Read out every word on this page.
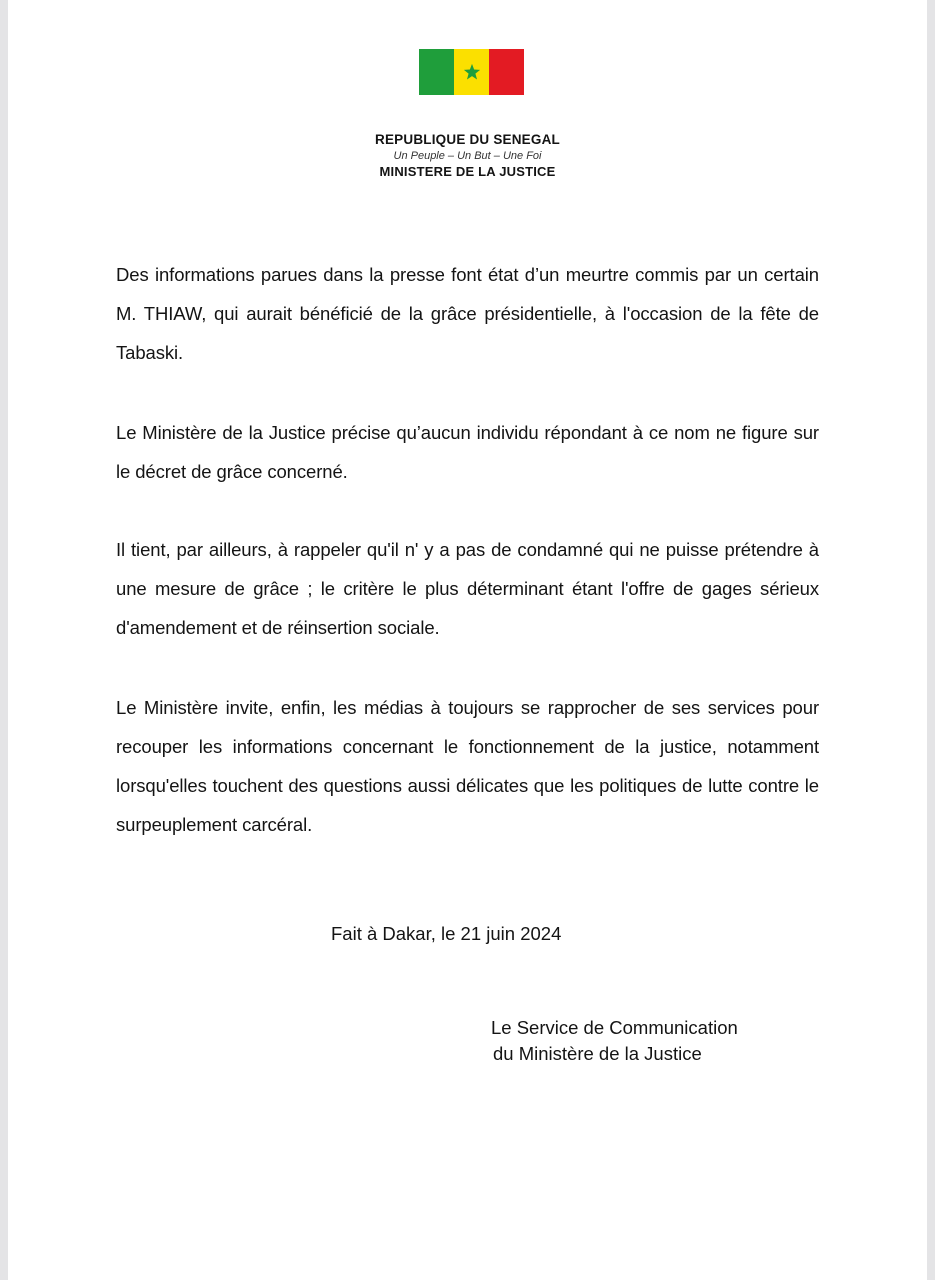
REPUBLIQUE DU SENEGAL
Un Peuple – Un But – Une Foi
MINISTERE DE LA JUSTICE

Des informations parues dans la presse font état d’un meurtre commis par un certain M. THIAW, qui aurait bénéficié de la grâce présidentielle, à l'occasion de la fête de Tabaski.

Le Ministère de la Justice précise qu’aucun individu répondant à ce nom ne figure sur le décret de grâce concerné.

Il tient, par ailleurs, à rappeler qu'il n' y a pas de condamné qui ne puisse prétendre à une mesure de grâce ; le critère le plus déterminant étant l'offre de gages sérieux d'amendement et de réinsertion sociale.

Le Ministère invite, enfin, les médias à toujours se rapprocher de ses services pour recouper les informations concernant le fonctionnement de la justice, notamment lorsqu'elles touchent des questions aussi délicates que les politiques de lutte contre le surpeuplement carcéral.

Fait à Dakar, le 21 juin 2024
Le Service de Communication
du Ministère de la Justice
